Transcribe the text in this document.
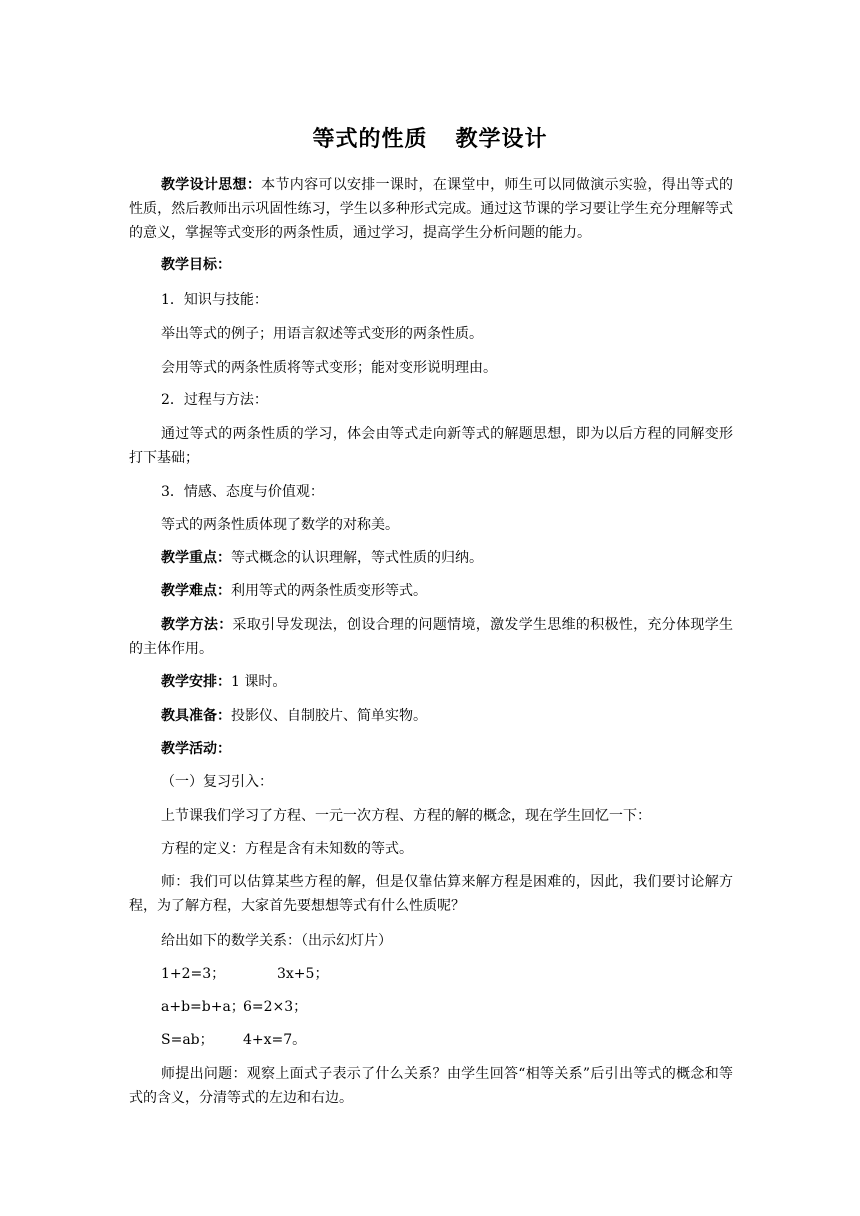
等式的性质 教学设计
教学设计思想：本节内容可以安排一课时，在课堂中，师生可以同做演示实验，得出等式的性质，然后教师出示巩固性练习，学生以多种形式完成。通过这节课的学习要让学生充分理解等式的意义，掌握等式变形的两条性质，通过学习，提高学生分析问题的能力。
教学目标：
1．知识与技能：
举出等式的例子；用语言叙述等式变形的两条性质。
会用等式的两条性质将等式变形；能对变形说明理由。
2．过程与方法：
通过等式的两条性质的学习，体会由等式走向新等式的解题思想，即为以后方程的同解变形打下基础；
3．情感、态度与价值观：
等式的两条性质体现了数学的对称美。
教学重点：等式概念的认识理解，等式性质的归纳。
教学难点：利用等式的两条性质变形等式。
教学方法：采取引导发现法，创设合理的问题情境，激发学生思维的积极性，充分体现学生的主体作用。
教学安排：1 课时。
教具准备：投影仪、自制胶片、简单实物。
教学活动：
（一）复习引入：
上节课我们学习了方程、一元一次方程、方程的解的概念，现在学生回忆一下：
方程的定义：方程是含有未知数的等式。
师：我们可以估算某些方程的解，但是仅靠估算来解方程是困难的，因此，我们要讨论解方程，为了解方程，大家首先要想想等式有什么性质呢？
给出如下的数学关系：（出示幻灯片）
1+2=3；	3x+5；
a+b=b+a；
6=2×3；
S=ab； 4+x=7。
师提出问题：观察上面式子表示了什么关系？由学生回答“相等关系”后引出等式的概念和等式的含义，分清等式的左边和右边。
